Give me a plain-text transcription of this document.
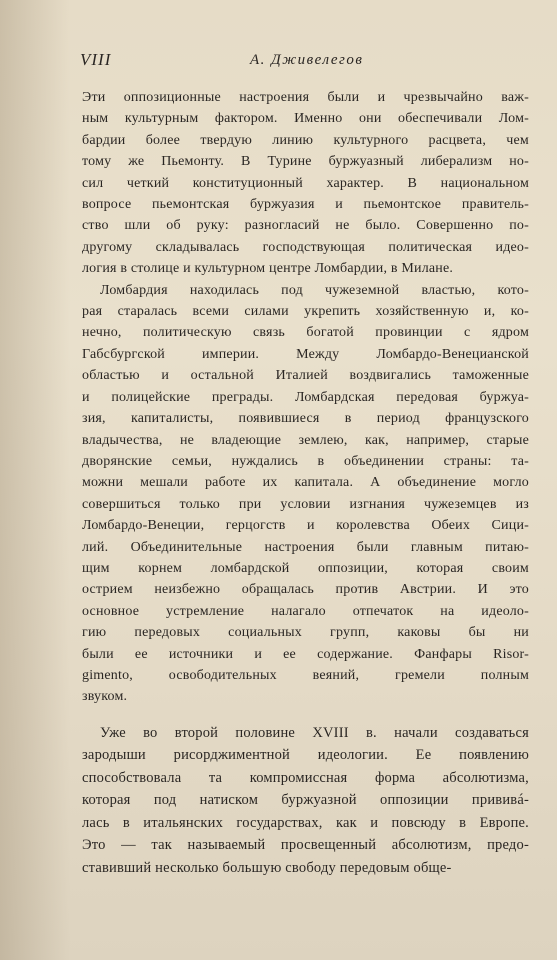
VIII	А. Дживелегов
Эти оппозиционные настроения были и чрезвычайно важ-
ным культурным фактором. Именно они обеспечивали Лом-
бардии более твердую линию культурного расцвета, чем
тому же Пьемонту. В Турине буржуазный либерализм но-
сил четкий конституционный характер. В национальном
вопросе пьемонтская буржуазия и пьемонтское правитель-
ство шли об руку: разногласий не было. Совершенно по-
другому складывалась господствующая политическая идео-
логия в столице и культурном центре Ломбардии, в Милане.
Ломбардия находилась под чужеземной властью, кото-
рая старалась всеми силами укрепить хозяйственную и, ко-
нечно, политическую связь богатой провинции с ядром
Габсбургской империи. Между Ломбардо-Венецианской
областью и остальной Италией воздвигались таможенные
и полицейские преграды. Ломбардская передовая буржуа-
зия, капиталисты, появившиеся в период французского
владычества, не владеющие землею, как, например, старые
дворянские семьи, нуждались в объединении страны: та-
можни мешали работе их капитала. А объединение могло
совершиться только при условии изгнания чужеземцев из
Ломбардо-Венеции, герцогств и королевства Обеих Сици-
лий. Объединительные настроения были главным питаю-
щим корнем ломбардской оппозиции, которая своим
острием неизбежно обращалась против Австрии. И это
основное устремление налагало отпечаток на идеоло-
гию передовых социальных групп, каковы бы ни
были ее источники и ее содержание. Фанфары Risor-
gimento, освободительных веяний, гремели полным
звуком.
Уже во второй половине XVIII в. начали создаваться
зародыши рисорджиментной идеологии. Ее появлению
способствовала та компромиссная форма абсолютизма,
которая под натиском буржуазной оппозиции прививá-
лась в итальянских государствах, как и повсюду в Европе.
Это — так называемый просвещенный абсолютизм, предо-
ставивший несколько большую свободу передовым обще-
